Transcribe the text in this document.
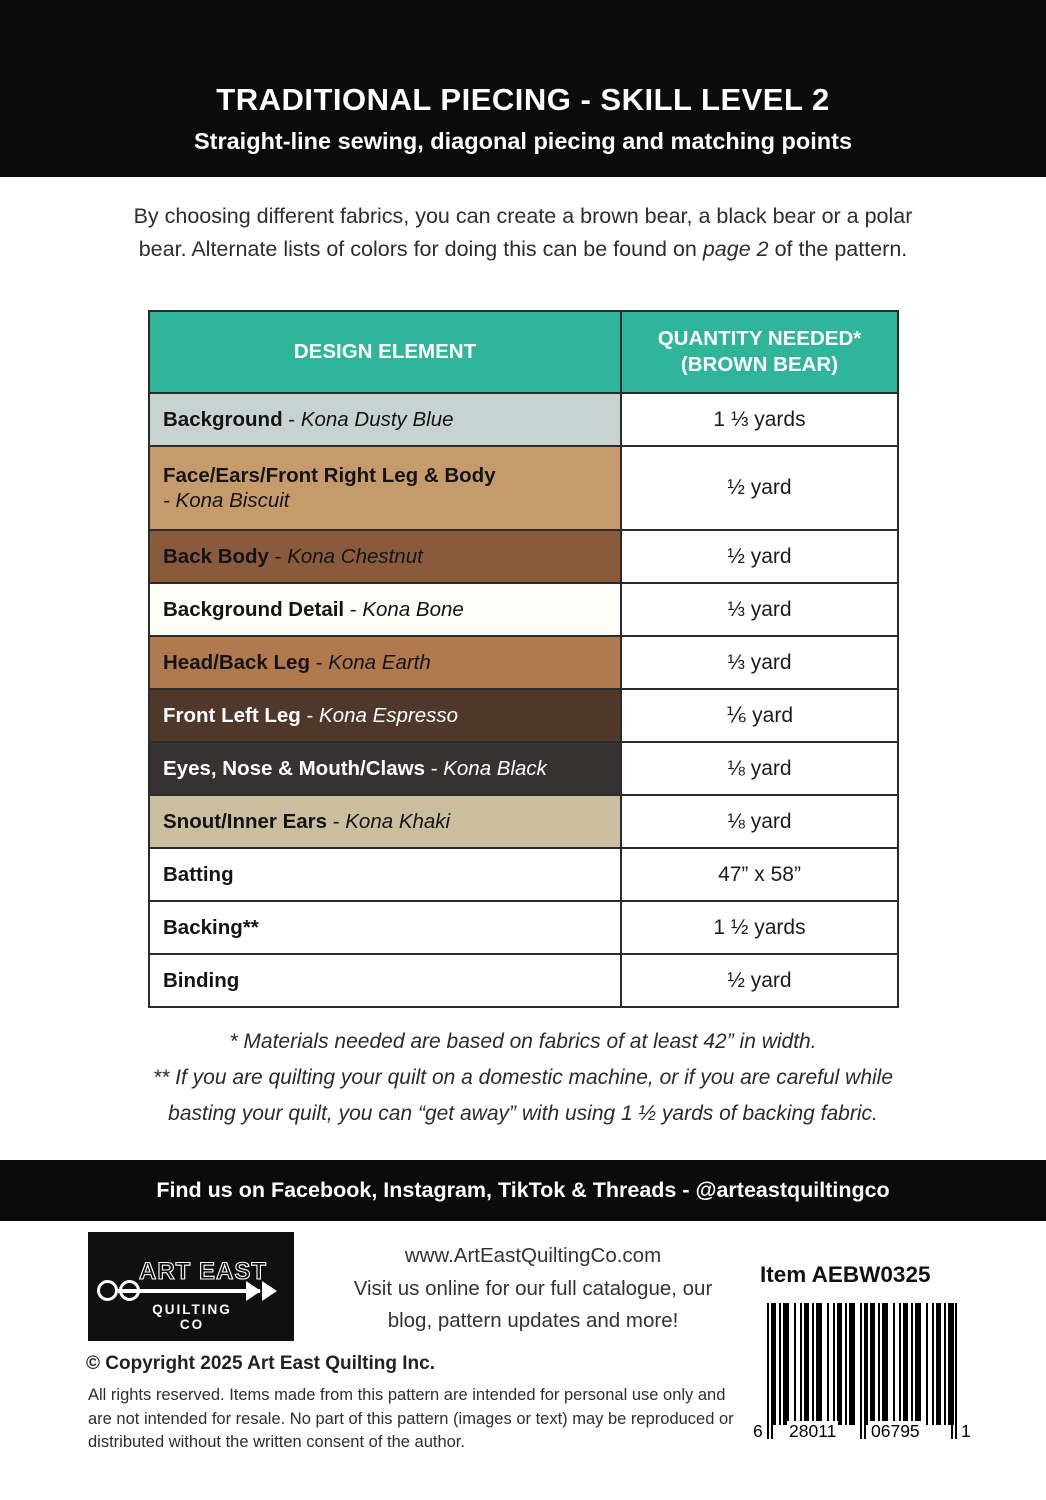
TRADITIONAL PIECING - SKILL LEVEL 2
Straight-line sewing, diagonal piecing and matching points

By choosing different fabrics, you can create a brown bear, a black bear or a polar
bear. Alternate lists of colors for doing this can be found on page 2 of the pattern.

DESIGN ELEMENT	QUANTITY NEEDED*
(BROWN BEAR)
Background - Kona Dusty Blue	1 ⅓ yards
Face/Ears/Front Right Leg & Body
- Kona Biscuit	½ yard
Back Body - Kona Chestnut	½ yard
Background Detail - Kona Bone	⅓ yard
Head/Back Leg - Kona Earth	⅓ yard
Front Left Leg - Kona Espresso	⅙ yard
Eyes, Nose & Mouth/Claws - Kona Black	⅛ yard
Snout/Inner Ears - Kona Khaki	⅛ yard
Batting	47” x 58”
Backing**	1 ½ yards
Binding	½ yard
* Materials needed are based on fabrics of at least 42” in width.
** If you are quilting your quilt on a domestic machine, or if you are careful while
basting your quilt, you can “get away” with using 1 ½ yards of backing fabric.
Find us on Facebook, Instagram, TikTok & Threads - @arteastquiltingco
ART EAST
QUILTING CO
www.ArtEastQuiltingCo.com
Visit us online for our full catalogue, our
blog, pattern updates and more!
Item AEBW0325
6 28011 06795 1
© Copyright 2025 Art East Quilting Inc.
All rights reserved. Items made from this pattern are intended for personal use only and
are not intended for resale. No part of this pattern (images or text) may be reproduced or
distributed without the written consent of the author.
